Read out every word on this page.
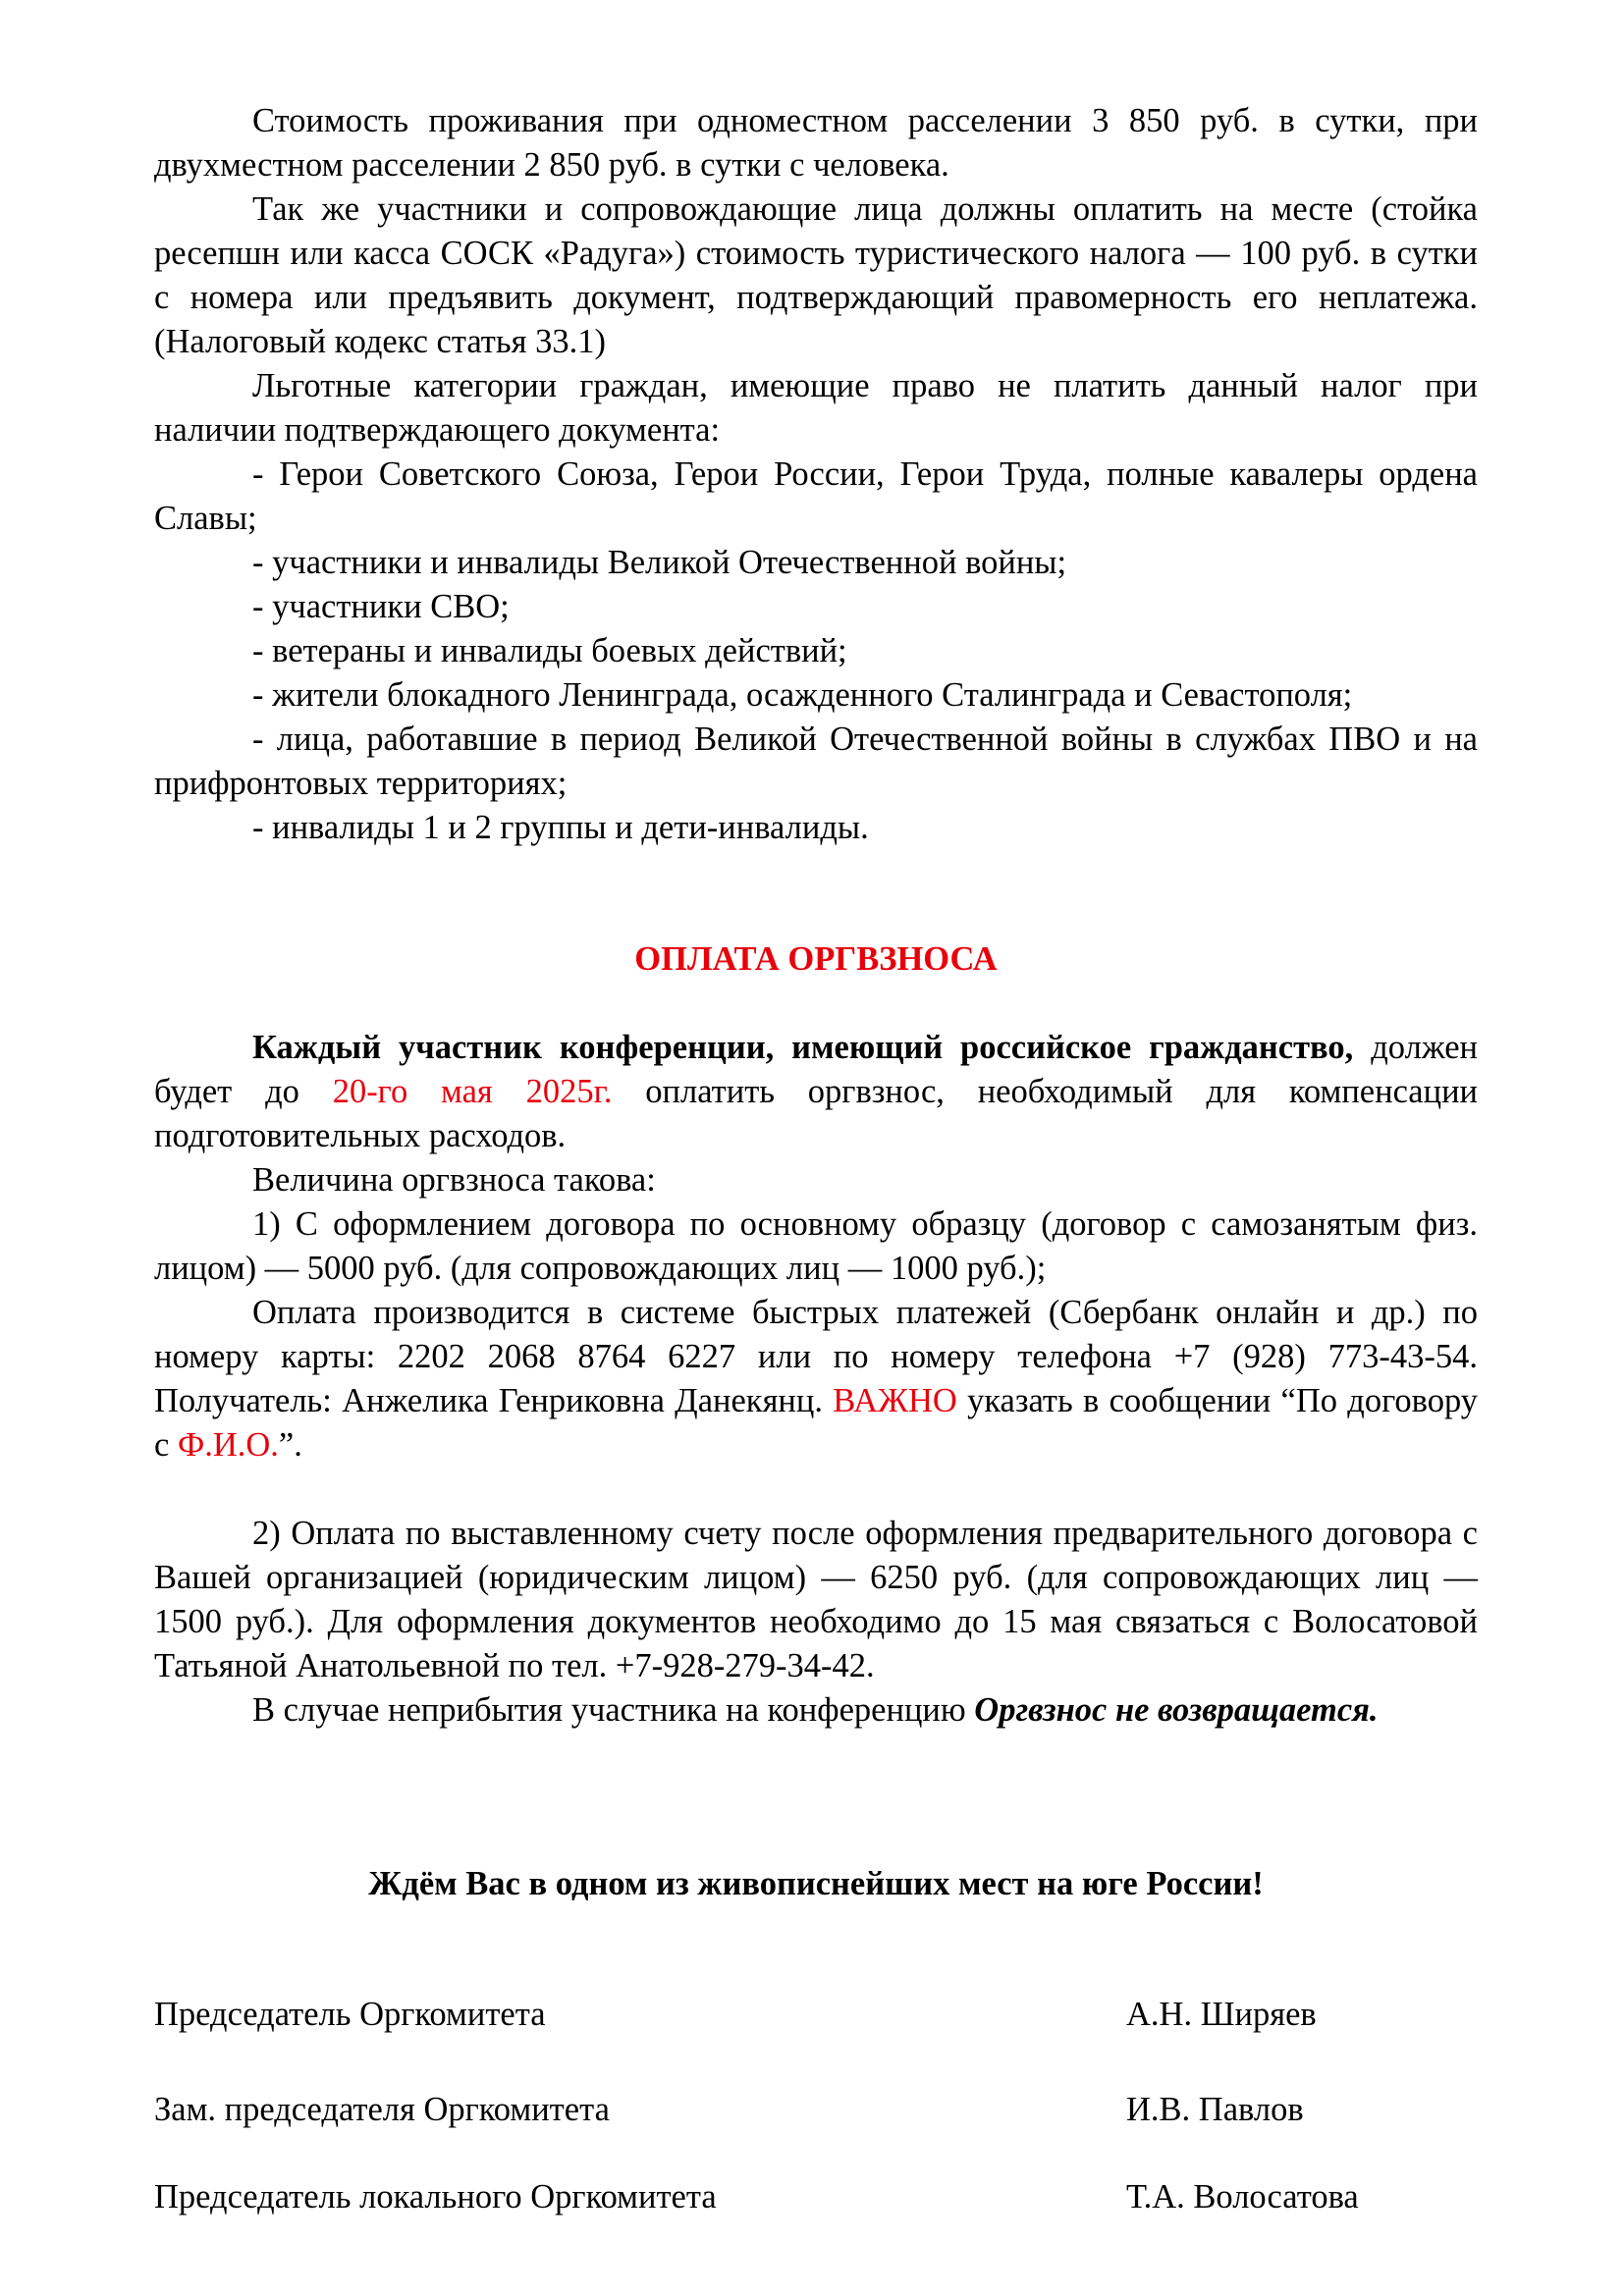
Стоимость проживания при одноместном расселении 3 850 руб. в сутки, при двухместном расселении 2 850 руб. в сутки с человека.

Так же участники и сопровождающие лица должны оплатить на месте (стойка ресепшн или касса СОСК «Радуга») стоимость туристического налога — 100 руб. в сутки с номера или предъявить документ, подтверждающий правомерность его неплатежа. (Налоговый кодекс статья 33.1)

Льготные категории граждан, имеющие право не платить данный налог при наличии подтверждающего документа:

- Герои Советского Союза, Герои России, Герои Труда, полные кавалеры ордена Славы;

- участники и инвалиды Великой Отечественной войны;

- участники СВО;

- ветераны и инвалиды боевых действий;

- жители блокадного Ленинграда, осажденного Сталинграда и Севастополя;

- лица, работавшие в период Великой Отечественной войны в службах ПВО и на прифронтовых территориях;

- инвалиды 1 и 2 группы и дети-инвалиды.

ОПЛАТА ОРГВЗНОСА

Каждый участник конференции, имеющий российское гражданство, должен будет до 20-го мая 2025г. оплатить оргвзнос, необходимый для компенсации подготовительных расходов.

Величина оргвзноса такова:

1) С оформлением договора по основному образцу (договор с самозанятым физ. лицом) — 5000 руб. (для сопровождающих лиц — 1000 руб.);

Оплата производится в системе быстрых платежей (Сбербанк онлайн и др.) по номеру карты: 2202 2068 8764 6227 или по номеру телефона +7 (928) 773-43-54. Получатель: Анжелика Генриковна Данекянц. ВАЖНО указать в сообщении “По договору с Ф.И.О.”.

2) Оплата по выставленному счету после оформления предварительного договора с Вашей организацией (юридическим лицом) — 6250 руб. (для сопровождающих лиц — 1500 руб.). Для оформления документов необходимо до 15 мая связаться с Волосатовой Татьяной Анатольевной по тел. +7-928-279-34-42.

В случае неприбытия участника на конференцию Оргвзнос не возвращается.

Ждём Вас в одном из живописнейших мест на юге России!
Председатель Оргкомитета	А.Н. Ширяев
Зам. председателя Оргкомитета	И.В. Павлов
Председатель локального Оргкомитета	Т.А. Волосатова
